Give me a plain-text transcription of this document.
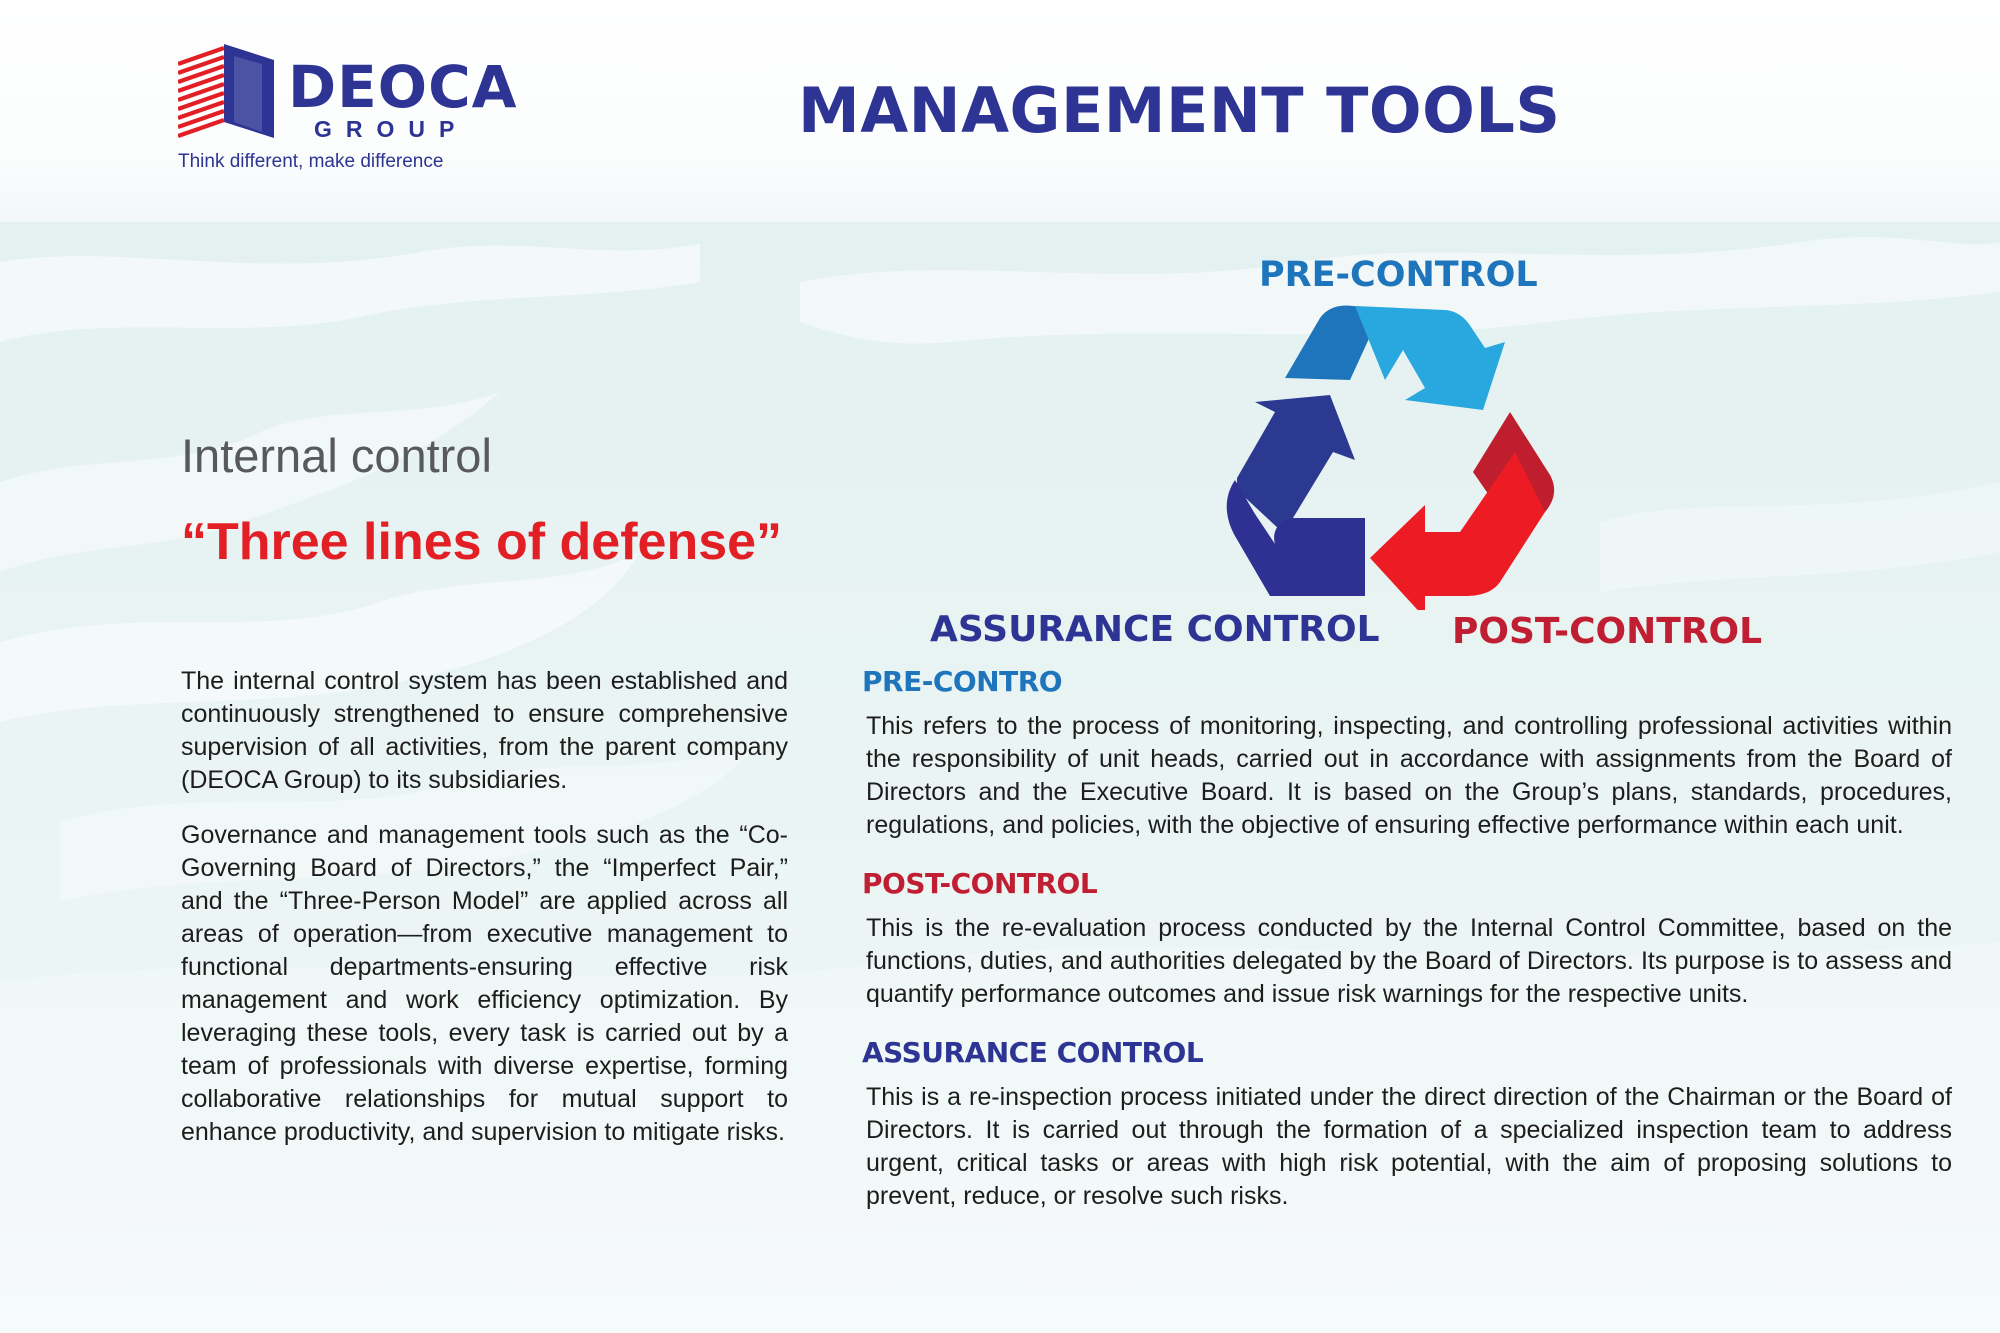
DEOCA
GROUP
Think different, make difference
MANAGEMENT TOOLS
Internal control
“Three lines of defense”

The internal control system has been established and continuously strengthened to ensure comprehensive supervision of all activities, from the parent company (DEOCA Group) to its subsidiaries.

Governance and management tools such as the “Co-Governing Board of Directors,” the “Imperfect Pair,” and the “Three-Person Model” are applied across all areas of operation—from executive management to functional departments-ensuring effective risk management and work efficiency optimization. By leveraging these tools, every task is carried out by a team of professionals with diverse expertise, forming collaborative relationships for mutual support to enhance productivity, and supervision to mitigate risks.

PRE-CONTROL
ASSURANCE CONTROL POST-CONTROL
PRE-CONTRO

This refers to the process of monitoring, inspecting, and controlling professional activities within the responsibility of unit heads, carried out in accordance with assignments from the Board of Directors and the Executive Board. It is based on the Group’s plans, standards, procedures, regulations, and policies, with the objective of ensuring effective performance within each unit.

POST-CONTROL

This is the re-evaluation process conducted by the Internal Control Committee, based on the functions, duties, and authorities delegated by the Board of Directors. Its purpose is to assess and quantify performance outcomes and issue risk warnings for the respective units.

ASSURANCE CONTROL

This is a re-inspection process initiated under the direct direction of the Chairman or the Board of Directors. It is carried out through the formation of a specialized inspection team to address urgent, critical tasks or areas with high risk potential, with the aim of proposing solutions to prevent, reduce, or resolve such risks.
